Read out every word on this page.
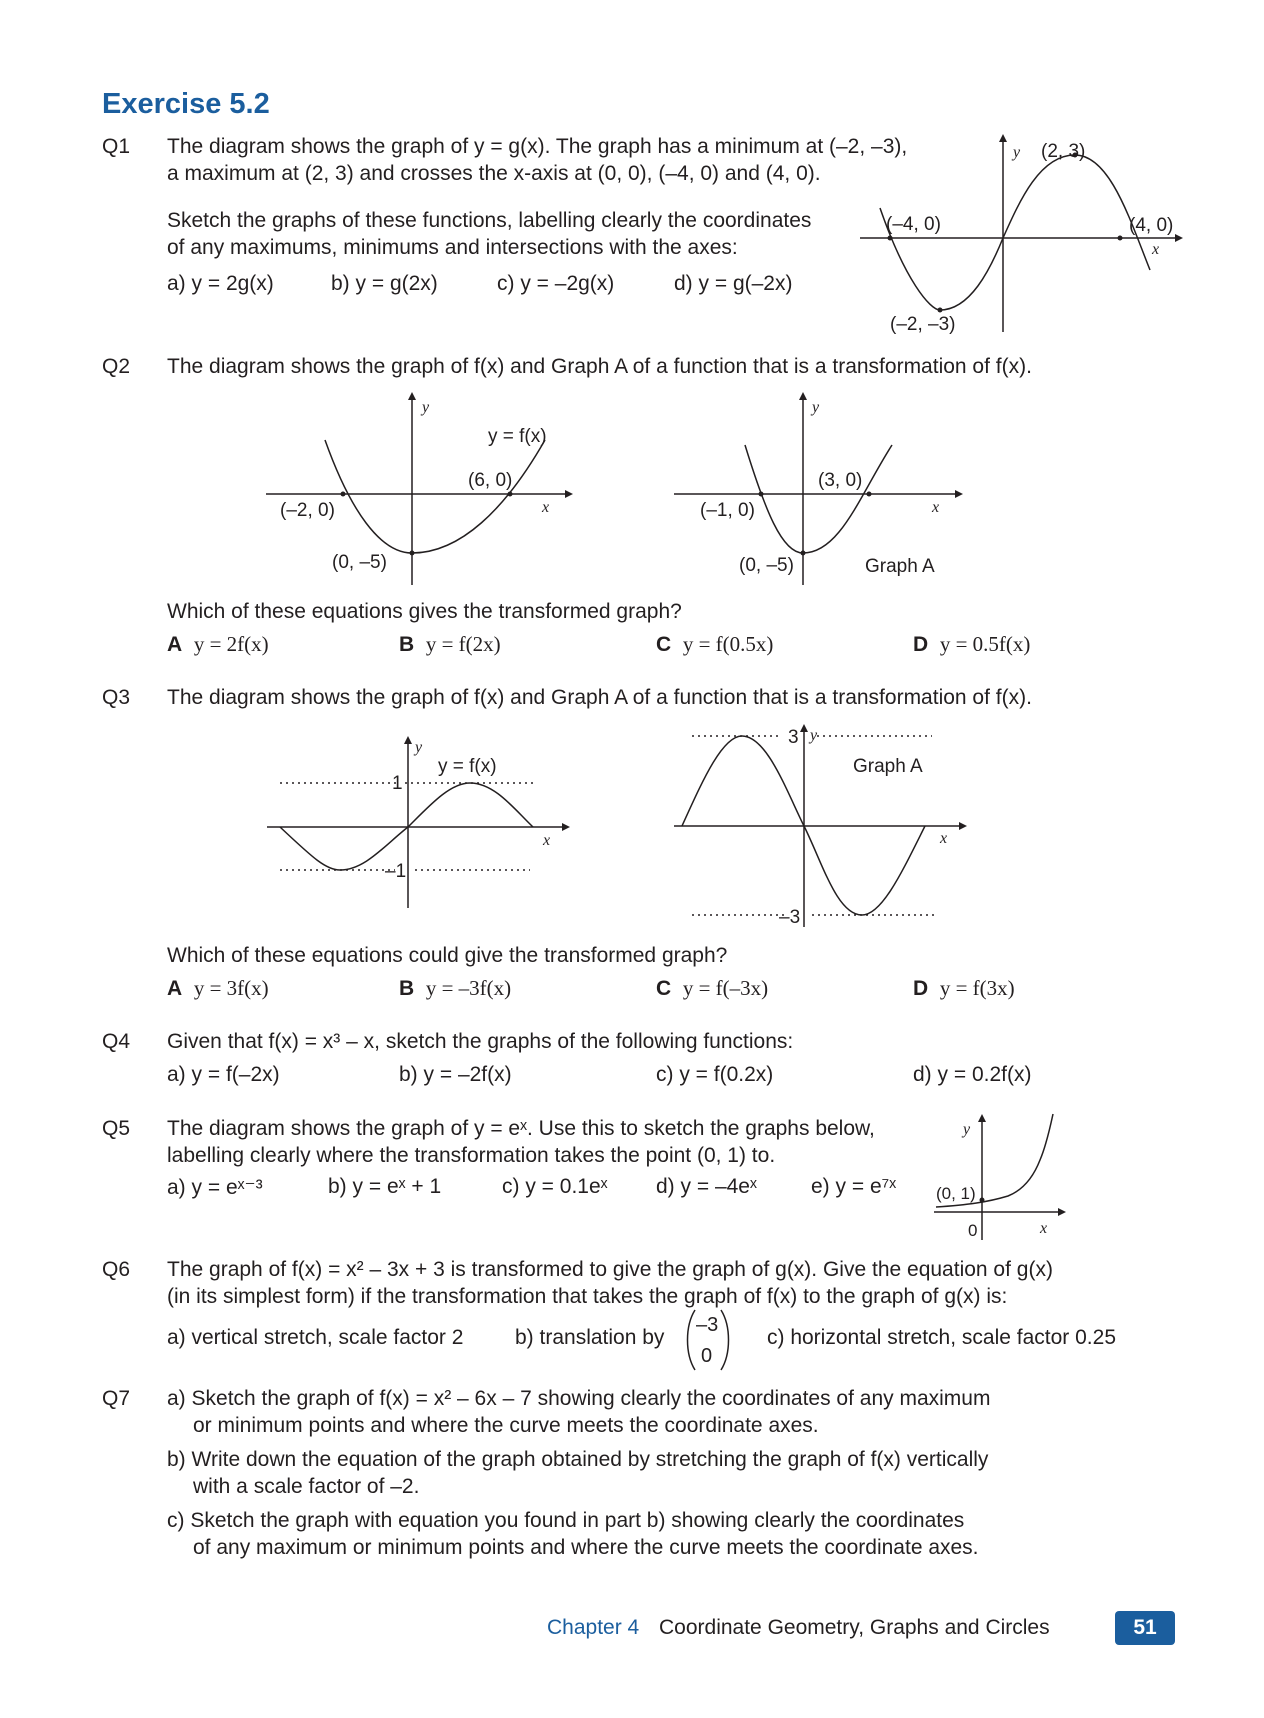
Exercise 5.2
Q1 The diagram shows the graph of y = g(x). The graph has a minimum at (–2, –3),
a maximum at (2, 3) and crosses the x-axis at (0, 0), (–4, 0) and (4, 0).
Sketch the graphs of these functions, labelling clearly the coordinates
of any maximums, minimums and intersections with the axes:
a) y = 2g(x)	b) y = g(2x)	c) y = –2g(x)	d) y = g(–2x)
y
x
(2, 3)
(–2, –3)
(–4, 0)	(4, 0)
Q2 The diagram shows the graph of f(x) and Graph A of a function that is a transformation of f(x).
y
x
y = f(x)
(–2, 0)
(6, 0)
(0, –5)
y
x
(–1, 0)
(3, 0)
(0, –5)	Graph A
Which of these equations gives the transformed graph?
A y = 2f(x)	B y = f(2x)	C y = f(0.5x)	D y = 0.5f(x)
Q3 The diagram shows the graph of f(x) and Graph A of a function that is a transformation of f(x).
y
x
y = f(x)
1
–1
y
x
3
–3
Graph A
Which of these equations could give the transformed graph?
A y = 3f(x)	B y = –3f(x)	C y = f(–3x)	D y = f(3x)
Q4 Given that f(x) = x³ – x, sketch the graphs of the following functions:
a) y = f(–2x)	b) y = –2f(x)	c) y = f(0.2x)	d) y = 0.2f(x)
Q5 The diagram shows the graph of y = eˣ. Use this to sketch the graphs below,
labelling clearly where the transformation takes the point (0, 1) to.
a) y = eˣ⁻³	b) y = eˣ + 1	c) y = 0.1eˣ d) y = –4eˣ	e) y = e⁷ˣ
y
x
(0, 1)
0
Q6 The graph of f(x) = x² – 3x + 3 is transformed to give the graph of g(x). Give the equation of g(x)
(in its simplest form) if the transformation that takes the graph of f(x) to the graph of g(x) is:
a) vertical stretch, scale factor 2 b) translation by
–3
0
c) horizontal stretch, scale factor 0.25
Q7 a) Sketch the graph of f(x) = x² – 6x – 7 showing clearly the coordinates of any maximum
or minimum points and where the curve meets the coordinate axes.
b) Write down the equation of the graph obtained by stretching the graph of f(x) vertically
with a scale factor of –2.
c) Sketch the graph with equation you found in part b) showing clearly the coordinates
of any maximum or minimum points and where the curve meets the coordinate axes.
Chapter 4 Coordinate Geometry, Graphs and Circles	51
